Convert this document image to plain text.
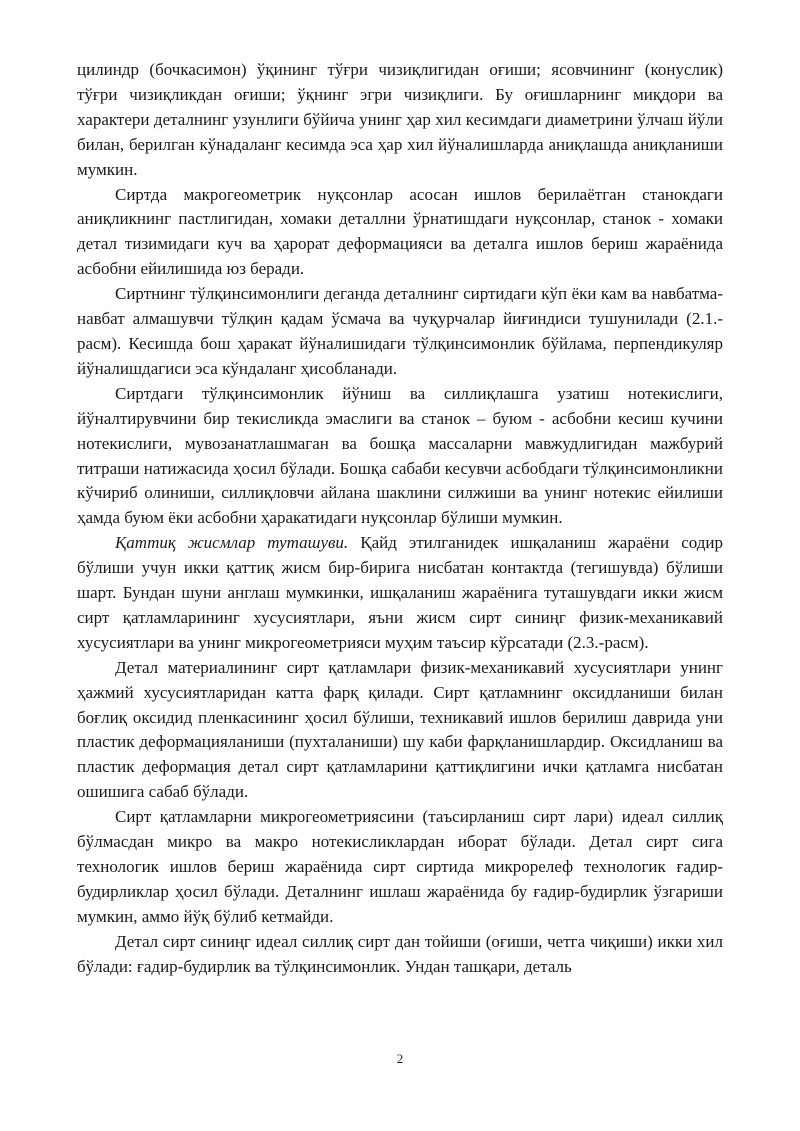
цилиндр (бочкасимон) ўқининг тўғри чизиқлигидан оғиши; ясовчининг (конуслик) тўғри чизиқликдан оғиши; ўқнинг эгри чизиқлиги. Бу оғишларнинг миқдори ва характери деталнинг узунлиги бўйича унинг ҳар хил кесимдаги диаметрини ўлчаш йўли билан, берилган кўнадаланг кесимда эса ҳар хил йўналишларда аниқлашда аниқланиши мумкин.

Сиртда макрогеометрик нуқсонлар асосан ишлов берилаётган станокдаги аниқликнинг пастлигидан, хомаки деталлни ўрнатишдаги нуқсонлар, станок - хомаки детал тизимидаги куч ва ҳарорат деформацияси ва деталга ишлов бериш жараёнида асбобни ейилишида юз беради.

Сиртнинг тўлқинсимонлиги деганда деталнинг сиртидаги кўп ёки кам ва навбатма-навбат алмашувчи тўлқин қадам ўсмача ва чуқурчалар йиғиндиси тушунилади (2.1.-расм). Кесишда бош ҳаракат йўналишидаги тўлқинсимонлик бўйлама, перпендикуляр йўналишдагиси эса кўндаланг ҳисобланади.

Сиртдаги тўлқинсимонлик йўниш ва силлиқлашга узатиш нотекислиги, йўналтирувчини бир текисликда эмаслиги ва станок – буюм - асбобни кесиш кучини нотекислиги, мувозанатлашмаган ва бошқа массаларни мавжудлигидан мажбурий титраши натижасида ҳосил бўлади. Бошқа сабаби кесувчи асбобдаги тўлқинсимонликни кўчириб олиниши, силлиқловчи айлана шаклини силжиши ва унинг нотекис ейилиши ҳамда буюм ёки асбобни ҳаракатидаги нуқсонлар бўлиши мумкин.

Қаттиқ жисмлар туташуви. Қайд этилганидек ишқаланиш жараёни содир бўлиши учун икки қаттиқ жисм бир-бирига нисбатан контактда (тегишувда) бўлиши шарт. Бундан шуни англаш мумкинки, ишқаланиш жараёнига туташувдаги икки жисм сирт қатламларининг хусусиятлари, яъни жисм сирт синиңг физик-механикавий хусусиятлари ва унинг микрогеометрияси муҳим таъсир кўрсатади (2.3.-расм).

Детал материалининг сирт қатламлари физик-механикавий хусусиятлари унинг ҳажмий хусусиятларидан катта фарқ қилади. Сирт қатламнинг оксидланиши билан боғлиқ оксидид пленкасининг ҳосил бўлиши, техникавий ишлов берилиш даврида уни пластик деформацияланиши (пухталаниши) шу каби фарқланишлардир. Оксидланиш ва пластик деформация детал сирт қатламларини қаттиқлигини ички қатламга нисбатан ошишига сабаб бўлади.

Сирт қатламларни микрогеометриясини (таъсирланиш сирт лари) идеал силлиқ бўлмасдан микро ва макро нотекисликлардан иборат бўлади. Детал сирт сига технологик ишлов бериш жараёнида сирт сиртида микрорелеф технологик ғадир-будирликлар ҳосил бўлади. Деталнинг ишлаш жараёнида бу ғадир-будирлик ўзгариши мумкин, аммо йўқ бўлиб кетмайди.

Детал сирт синиңг идеал силлиқ сирт дан тойиши (оғиши, четга чиқиши) икки хил бўлади: ғадир-будирлик ва тўлқинсимонлик. Ундан ташқари, деталь

2
